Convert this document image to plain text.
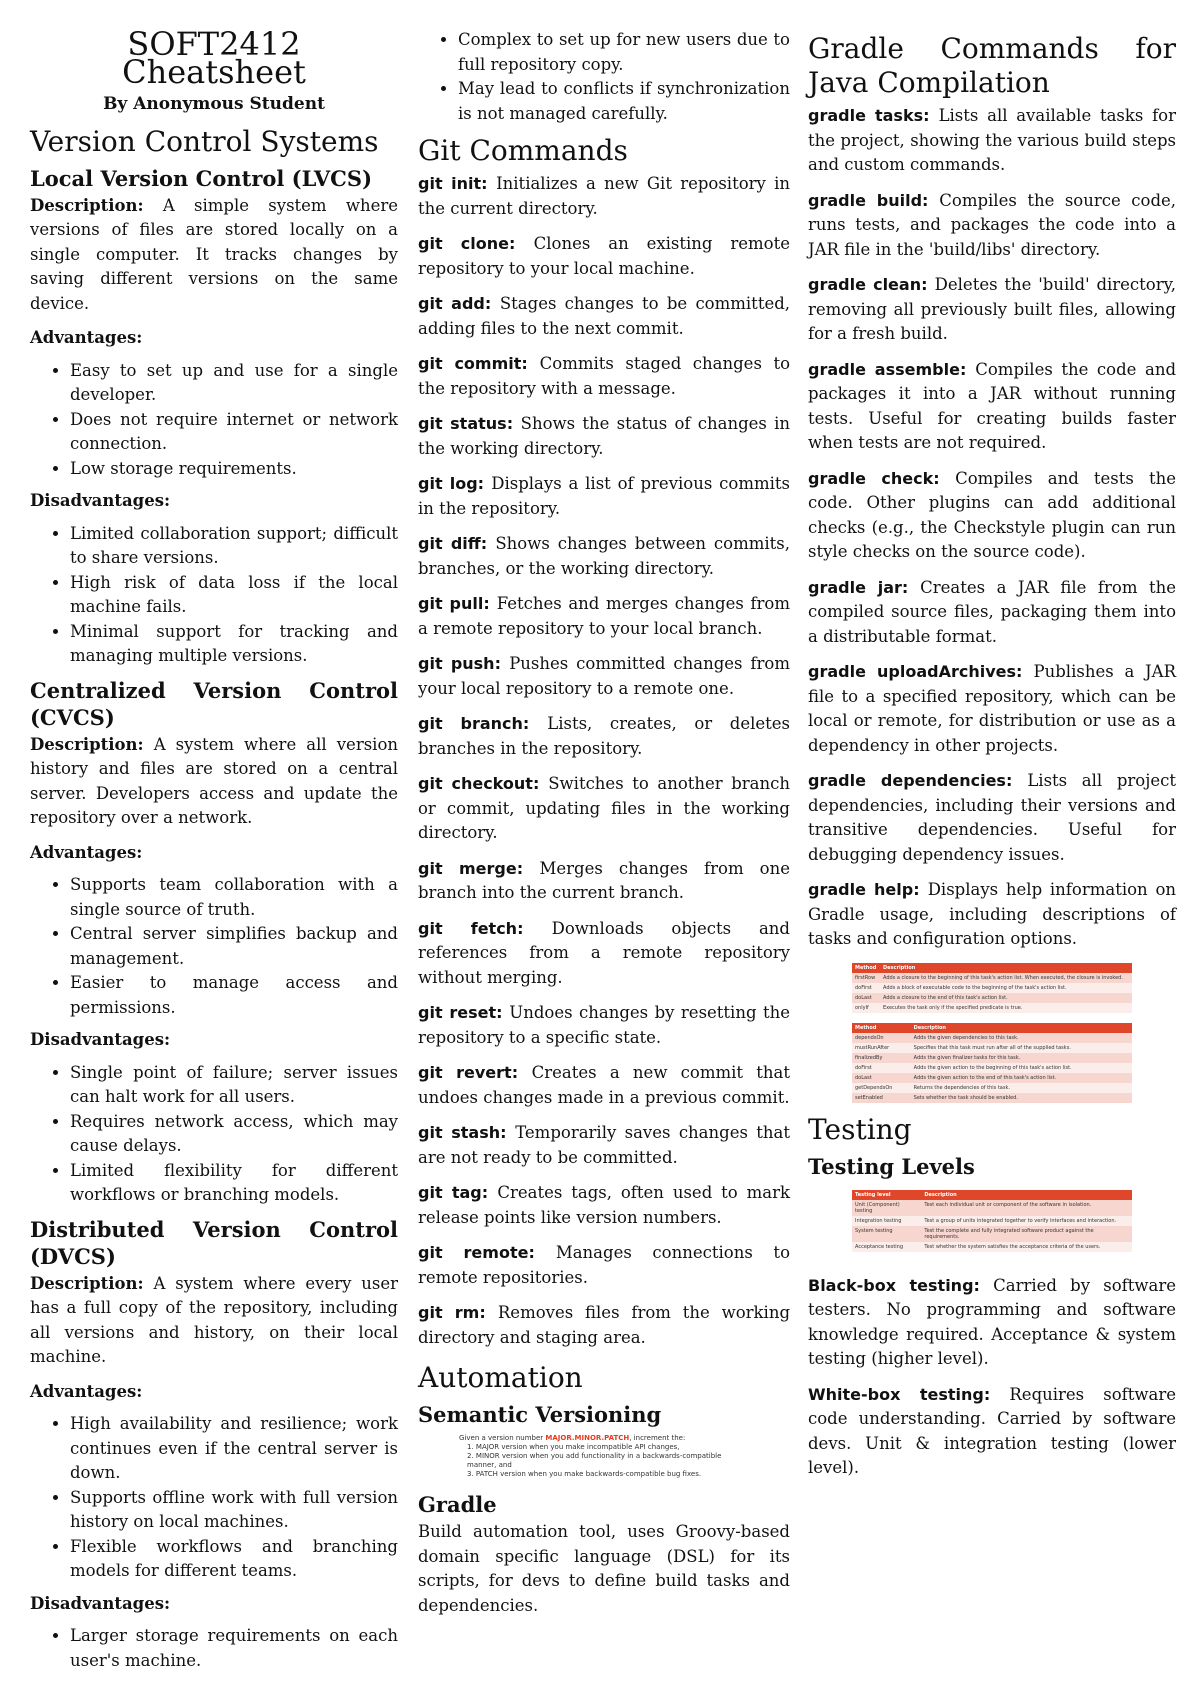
SOFT2412
Cheatsheet
By Anonymous Student
Version Control Systems
Local Version Control (LVCS)

Description: A simple system where versions of files are stored locally on a single computer. It tracks changes by saving different versions on the same device.

Advantages:
• Easy to set up and use for a single developer.
• Does not require internet or network connection.
• Low storage requirements.
Disadvantages:
• Limited collaboration support; difficult to share versions.
• High risk of data loss if the local machine fails.
• Minimal support for tracking and managing multiple versions.
Centralized Version Control (CVCS)

Description: A system where all version history and files are stored on a central server. Developers access and update the repository over a network.

Advantages:
• Supports team collaboration with a single source of truth.
• Central server simplifies backup and management.
• Easier to manage access and permissions.
Disadvantages:
• Single point of failure; server issues can halt work for all users.
• Requires network access, which may cause delays.
• Limited flexibility for different workflows or branching models.
Distributed Version Control (DVCS)

Description: A system where every user has a full copy of the repository, including all versions and history, on their local machine.

Advantages:
• High availability and resilience; work continues even if the central server is down.
• Supports offline work with full version history on local machines.
• Flexible workflows and branching models for different teams.
Disadvantages:
• Larger storage requirements on each user's machine.
• Complex to set up for new users due to full repository copy.
• May lead to conflicts if synchronization is not managed carefully.
Git Commands

git init: Initializes a new Git repository in the current directory.

git clone: Clones an existing remote repository to your local machine.

git add: Stages changes to be committed, adding files to the next commit.

git commit: Commits staged changes to the repository with a message.

git status: Shows the status of changes in the working directory.

git log: Displays a list of previous commits in the repository.

git diff: Shows changes between commits, branches, or the working directory.

git pull: Fetches and merges changes from a remote repository to your local branch.

git push: Pushes committed changes from your local repository to a remote one.

git branch: Lists, creates, or deletes branches in the repository.

git checkout: Switches to another branch or commit, updating files in the working directory.

git merge: Merges changes from one branch into the current branch.

git fetch: Downloads objects and references from a remote repository without merging.

git reset: Undoes changes by resetting the repository to a specific state.

git revert: Creates a new commit that undoes changes made in a previous commit.

git stash: Temporarily saves changes that are not ready to be committed.

git tag: Creates tags, often used to mark release points like version numbers.

git remote: Manages connections to remote repositories.

git rm: Removes files from the working directory and staging area.

Automation
Semantic Versioning
Given a version number MAJOR.MINOR.PATCH, increment the:
1. MAJOR version when you make incompatible API changes,
2. MINOR version when you add functionality in a backwards-compatible manner, and
3. PATCH version when you make backwards-compatible bug fixes.
Gradle

Build automation tool, uses Groovy-based domain specific language (DSL) for its scripts, for devs to define build tasks and dependencies.

Gradle Commands for Java Compilation

gradle tasks: Lists all available tasks for the project, showing the various build steps and custom commands.

gradle build: Compiles the source code, runs tests, and packages the code into a JAR file in the 'build/libs' directory.

gradle clean: Deletes the 'build' directory, removing all previously built files, allowing for a fresh build.

gradle assemble: Compiles the code and packages it into a JAR without running tests. Useful for creating builds faster when tests are not required.

gradle check: Compiles and tests the code. Other plugins can add additional checks (e.g., the Checkstyle plugin can run style checks on the source code).

gradle jar: Creates a JAR file from the compiled source files, packaging them into a distributable format.

gradle uploadArchives: Publishes a JAR file to a specified repository, which can be local or remote, for distribution or use as a dependency in other projects.

gradle dependencies: Lists all project dependencies, including their versions and transitive dependencies. Useful for debugging dependency issues.

gradle help: Displays help information on Gradle usage, including descriptions of tasks and configuration options.

Method	Description
firstRow	Adds a closure to the beginning of this task's action list. When executed, the closure is invoked.
doFirst	Adds a block of executable code to the beginning of the task's action list.
doLast	Adds a closure to the end of this task's action list.
onlyIf	Executes the task only if the specified predicate is true.
Method	Description
dependsOn	Adds the given dependencies to this task.
mustRunAfter	Specifies that this task must run after all of the supplied tasks.
finalizedBy	Adds the given finalizer tasks for this task.
doFirst	Adds the given action to the beginning of this task's action list.
doLast	Adds the given action to the end of this task's action list.
getDependsOn	Returns the dependencies of this task.
setEnabled	Sets whether the task should be enabled.
Testing
Testing Levels
Testing level	Description
Unit (Component) testing	Test each individual unit or component of the software in isolation.
Integration testing	Test a group of units integrated together to verify interfaces and interaction.
System testing	Test the complete and fully integrated software product against the requirements.
Acceptance testing	Test whether the system satisfies the acceptance criteria of the users.

Black-box testing: Carried by software testers. No programming and software knowledge required. Acceptance & system testing (higher level).

White-box testing: Requires software code understanding. Carried by software devs. Unit & integration testing (lower level).
